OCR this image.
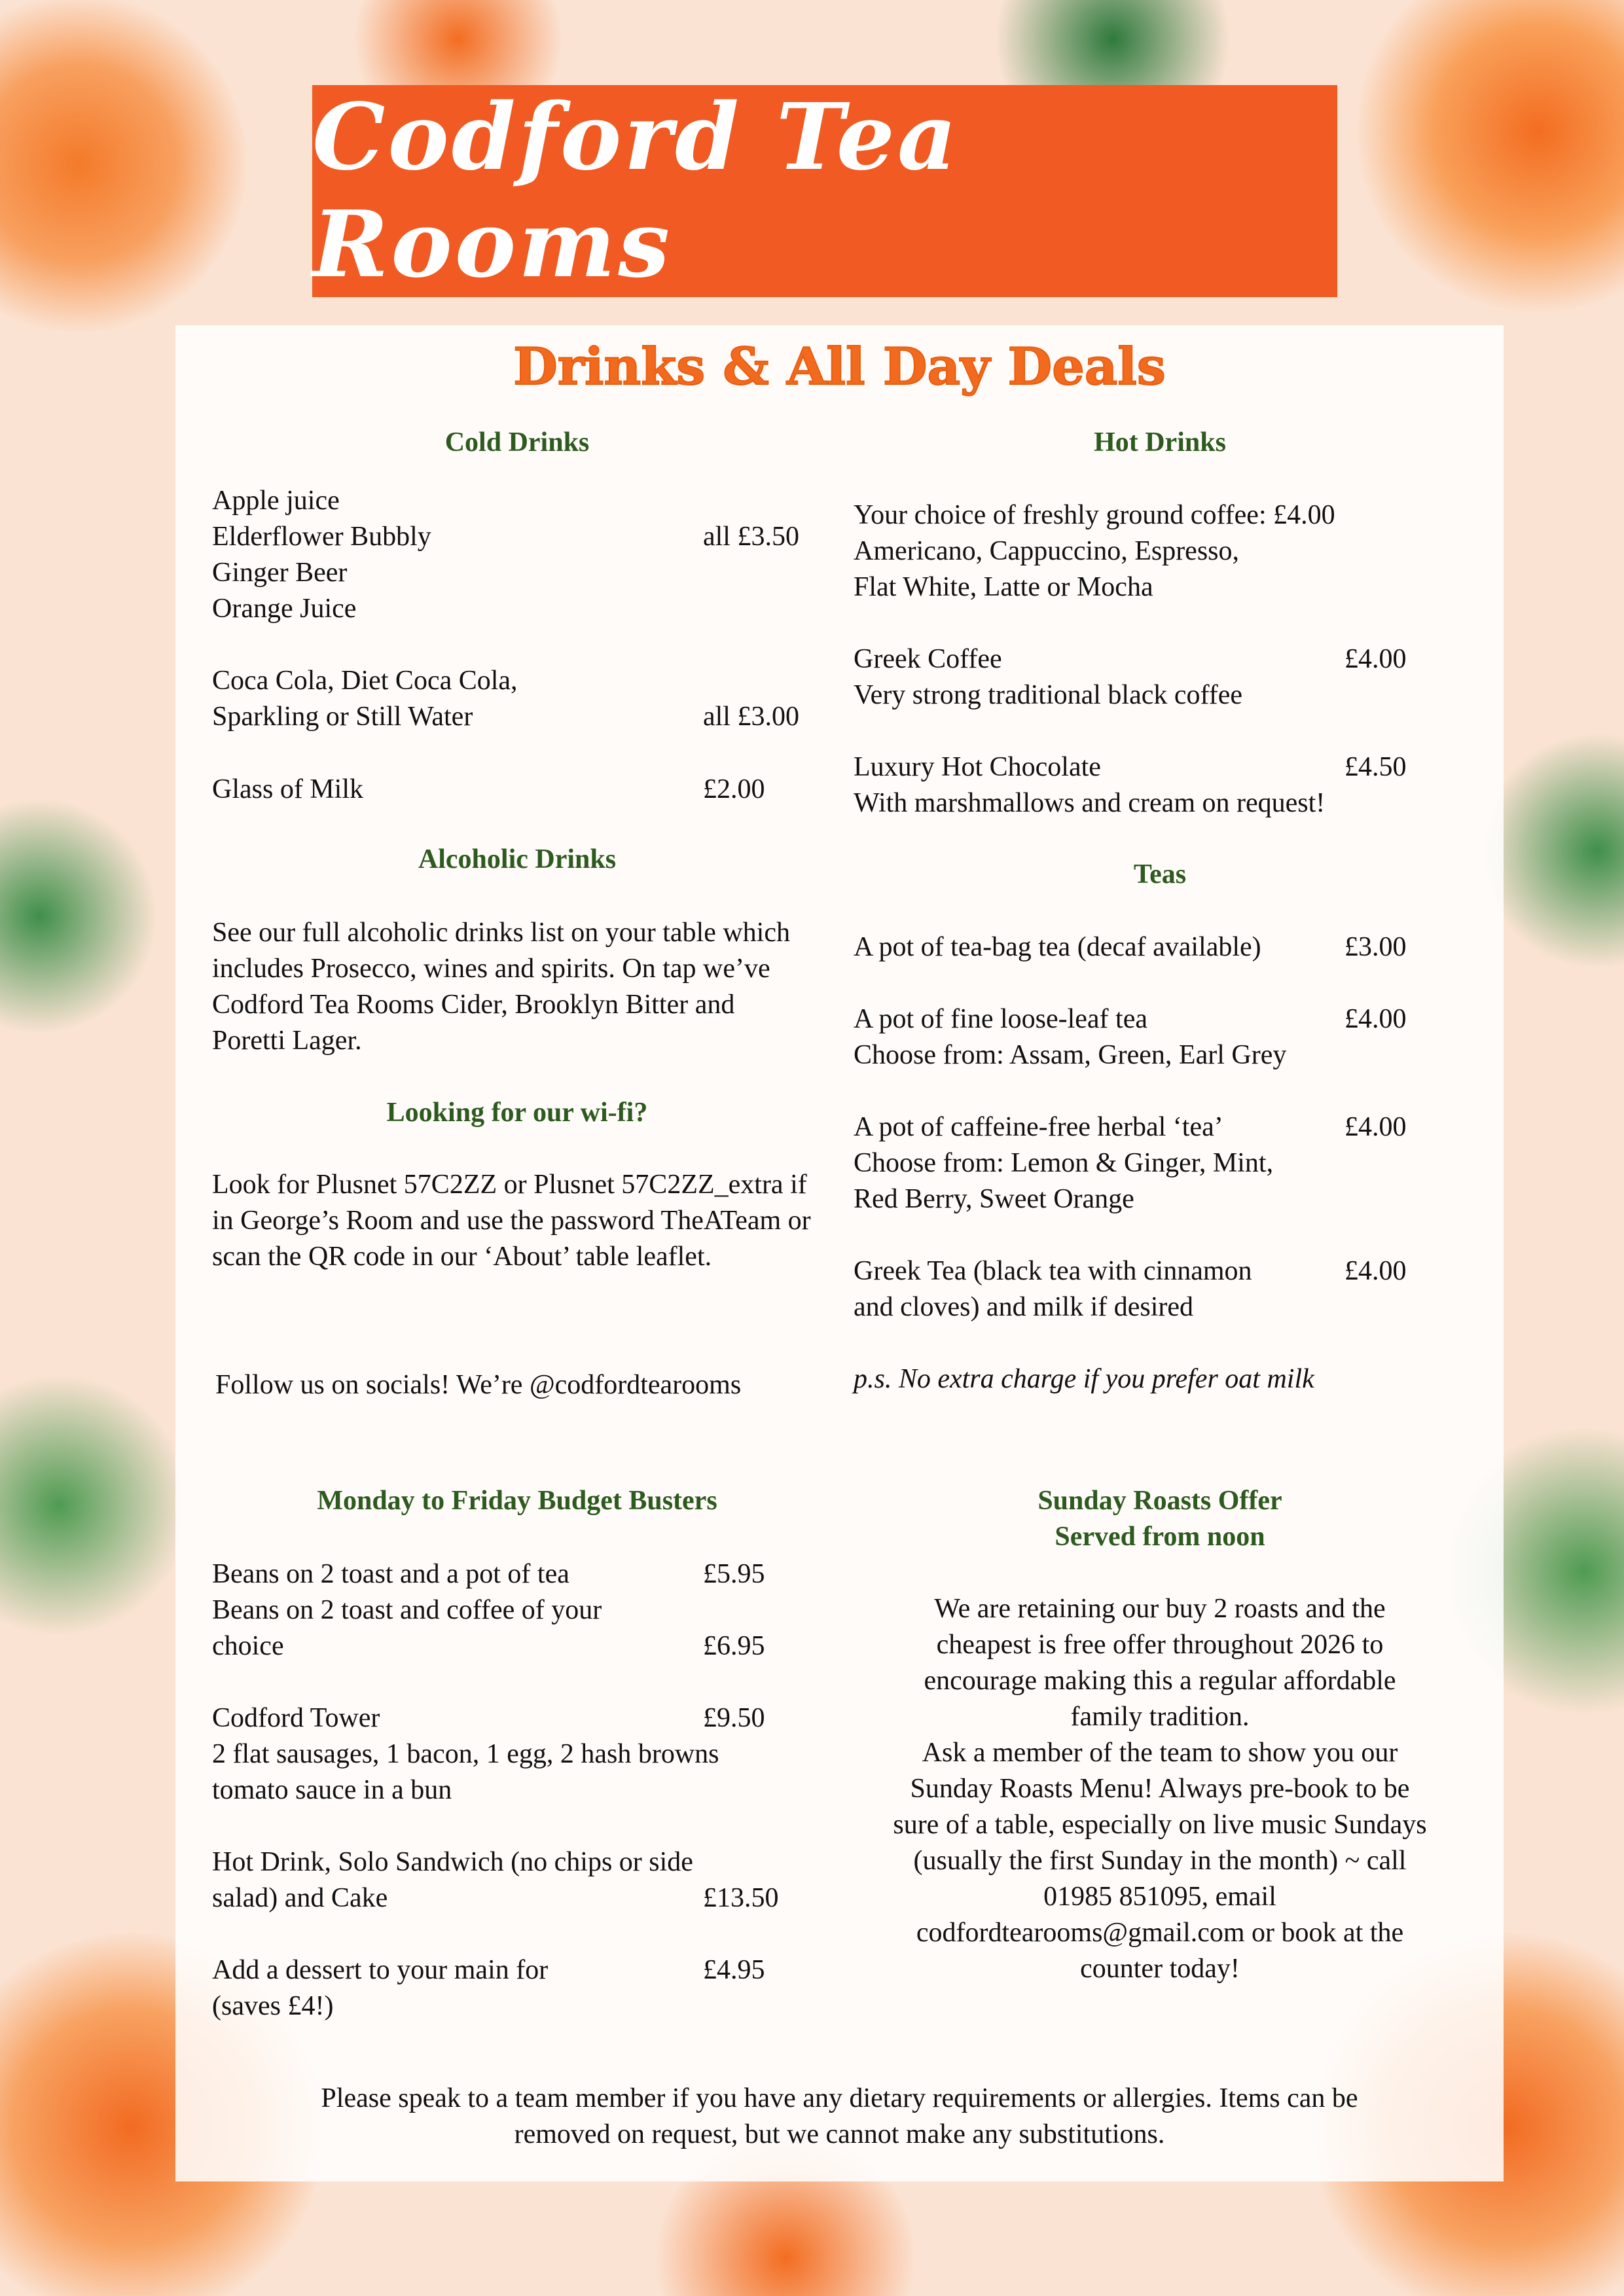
Codford Tea Rooms
Drinks & All Day Deals
Cold Drinks
Apple juice
Elderflower Bubbly	all £3.50
Ginger Beer
Orange Juice
Coca Cola, Diet Coca Cola,
Sparkling or Still Water	all £3.00
Glass of Milk	£2.00
Alcoholic Drinks
See our full alcoholic drinks list on your table which includes Prosecco, wines and spirits. On tap we’ve Codford Tea Rooms Cider, Brooklyn Bitter and Poretti Lager.
Looking for our wi-fi?
Look for Plusnet 57C2ZZ or Plusnet 57C2ZZ_extra if in George’s Room and use the password TheATeam or scan the QR code in our ‘About’ table leaflet.
Follow us on socials! We’re @codfordtearooms
Monday to Friday Budget Busters
Beans on 2 toast and a pot of tea	£5.95
Beans on 2 toast and coffee of your
choice	£6.95
Codford Tower	£9.50
2 flat sausages, 1 bacon, 1 egg, 2 hash browns
tomato sauce in a bun
Hot Drink, Solo Sandwich (no chips or side
salad) and Cake	£13.50
Add a dessert to your main for	£4.95
(saves £4!)
Hot Drinks
Your choice of freshly ground coffee: £4.00
Americano, Cappuccino, Espresso,
Flat White, Latte or Mocha
Greek Coffee	£4.00
Very strong traditional black coffee
Luxury Hot Chocolate	£4.50
With marshmallows and cream on request!
Teas
A pot of tea-bag tea (decaf available)	£3.00
A pot of fine loose-leaf tea	£4.00
Choose from: Assam, Green, Earl Grey
A pot of caffeine-free herbal ‘tea’	£4.00
Choose from: Lemon & Ginger, Mint,
Red Berry, Sweet Orange
Greek Tea (black tea with cinnamon	£4.00
and cloves) and milk if desired
p.s. No extra charge if you prefer oat milk
Sunday Roasts Offer
Served from noon
We are retaining our buy 2 roasts and the
cheapest is free offer throughout 2026 to
encourage making this a regular affordable
family tradition.
Ask a member of the team to show you our
Sunday Roasts Menu! Always pre-book to be
sure of a table, especially on live music Sundays
(usually the first Sunday in the month) ~ call
01985 851095, email
codfordtearooms@gmail.com or book at the
counter today!
Please speak to a team member if you have any dietary requirements or allergies. Items can be
removed on request, but we cannot make any substitutions.
